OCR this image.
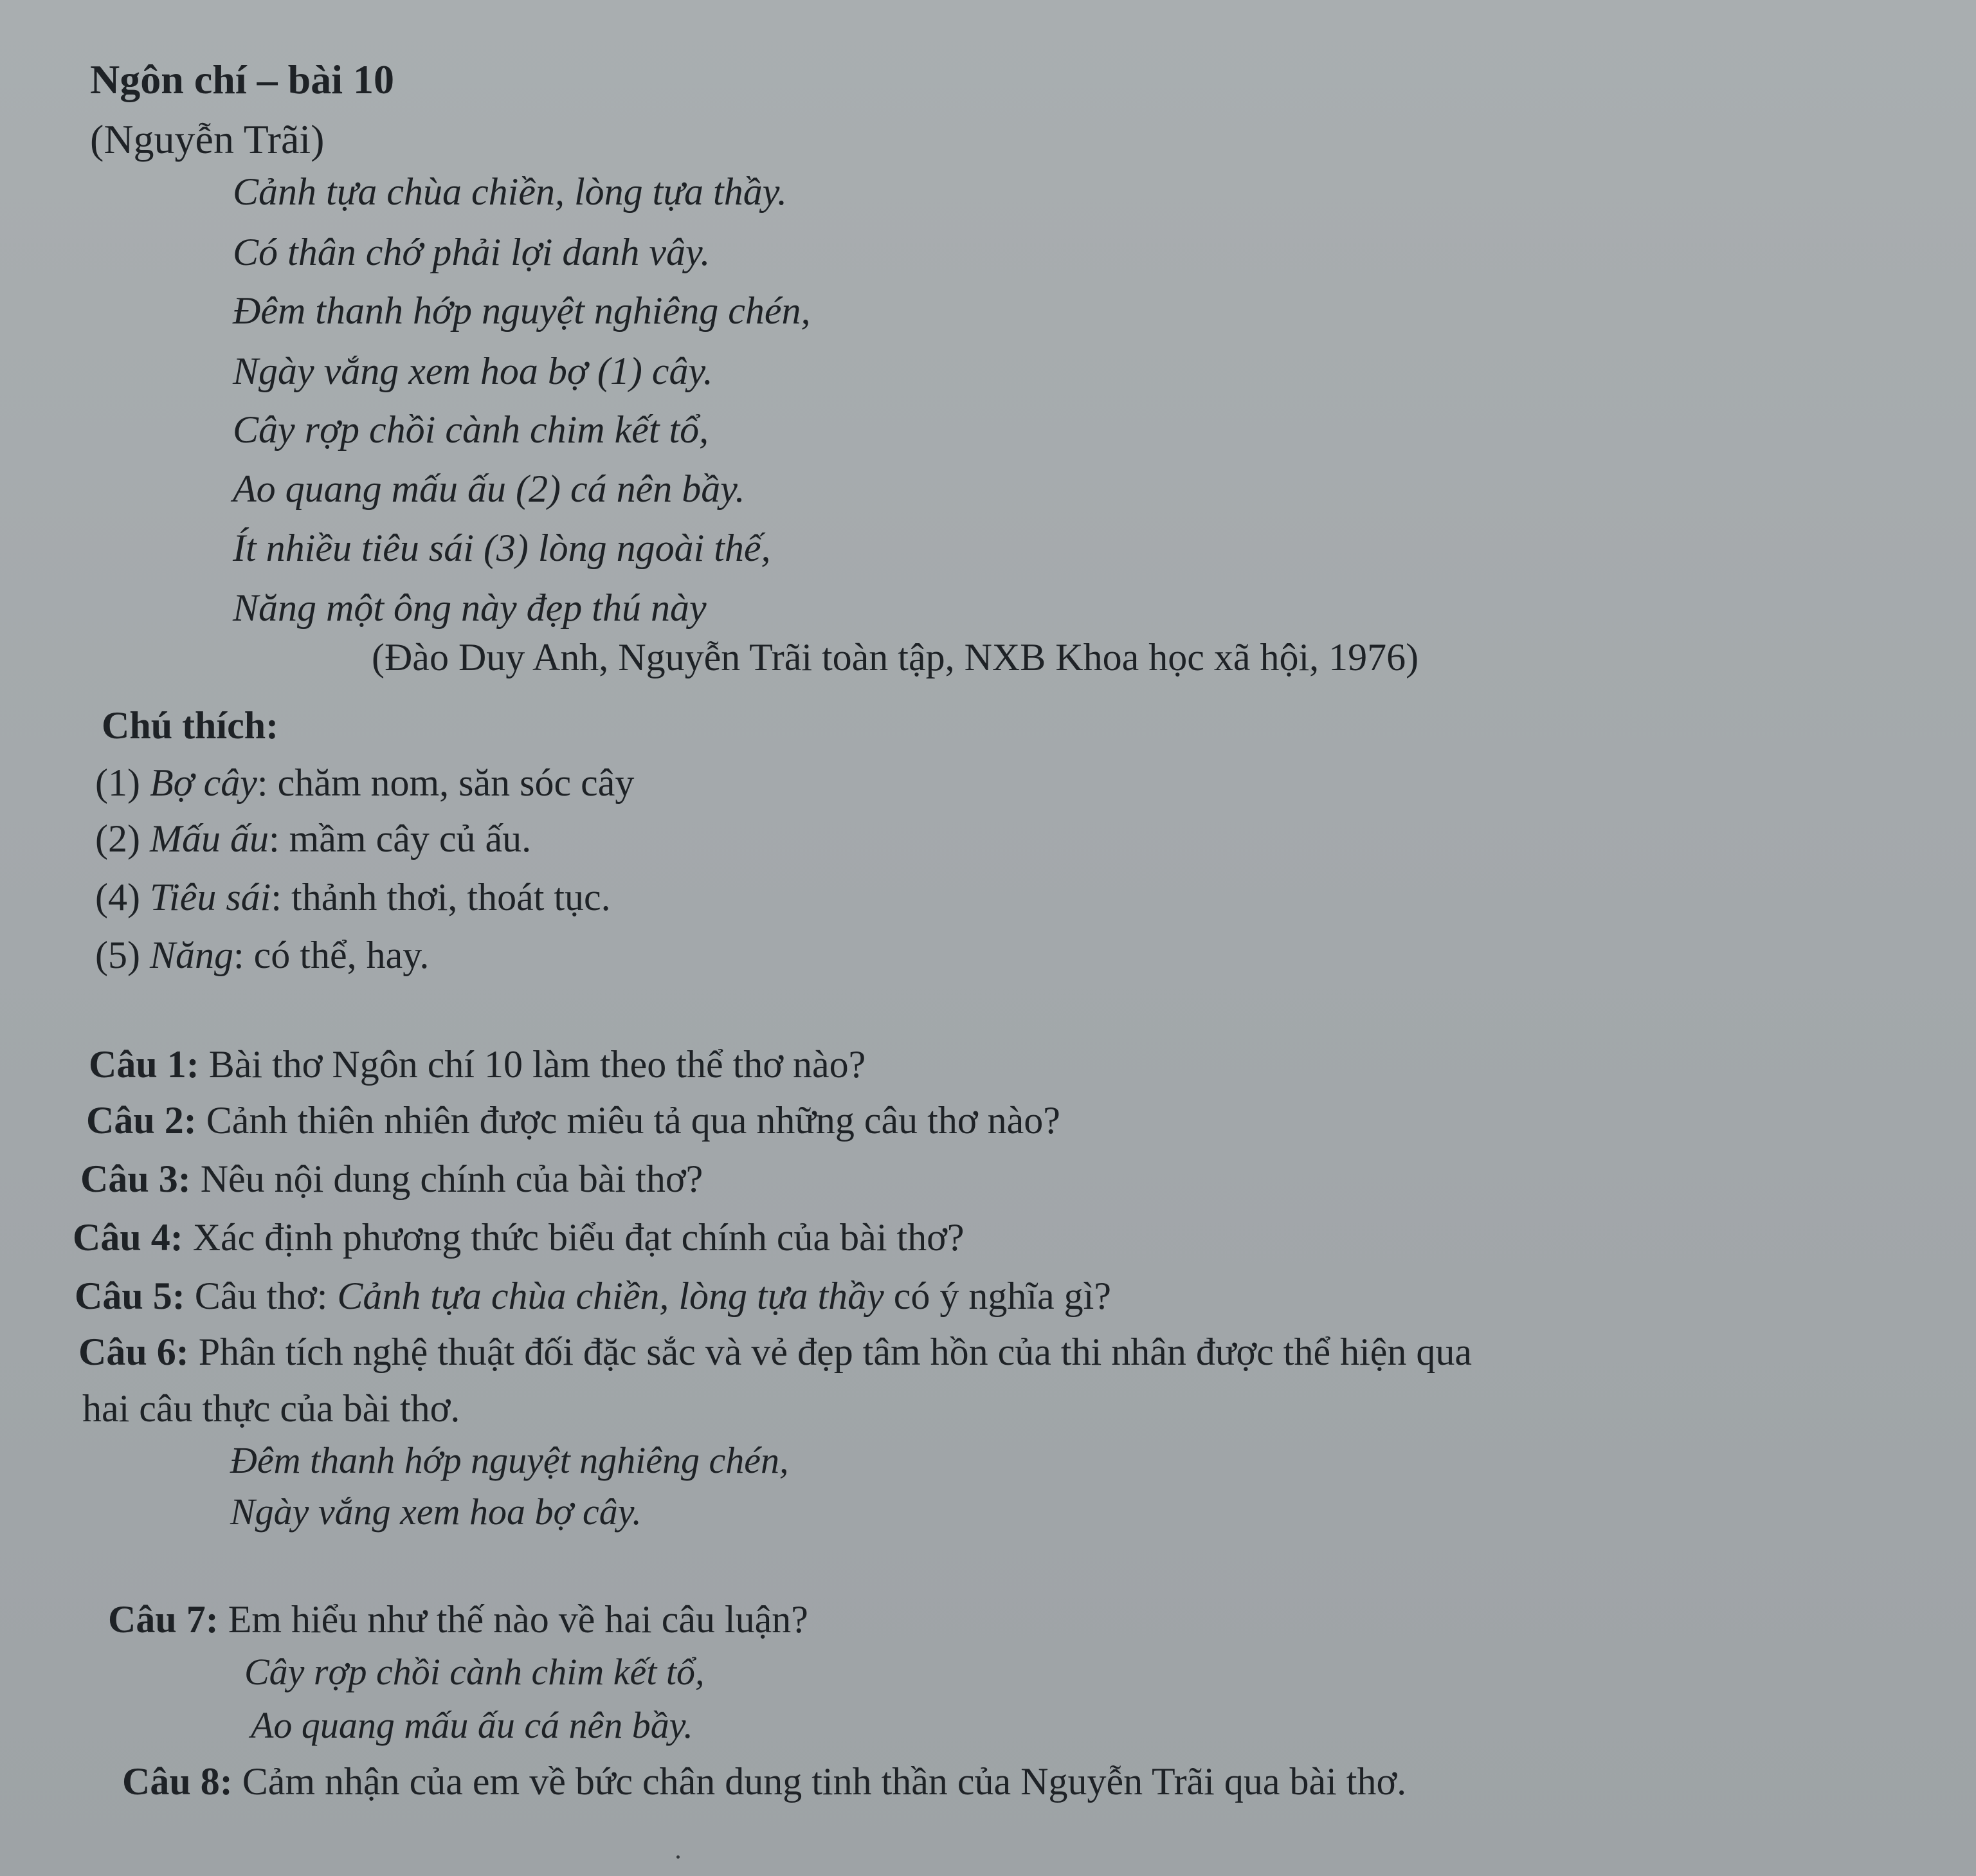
Ngôn chí – bài 10
(Nguyễn Trãi)
Cảnh tựa chùa chiền, lòng tựa thầy.
Có thân chớ phải lợi danh vây.
Đêm thanh hớp nguyệt nghiêng chén,
Ngày vắng xem hoa bợ (1) cây.
Cây rợp chồi cành chim kết tổ,
Ao quang mấu ấu (2) cá nên bầy.
Ít nhiều tiêu sái (3) lòng ngoài thế,
Năng một ông này đẹp thú này
(Đào Duy Anh, Nguyễn Trãi toàn tập, NXB Khoa học xã hội, 1976)
Chú thích:
(1) Bợ cây: chăm nom, săn sóc cây
(2) Mấu ấu: mầm cây củ ấu.
(4) Tiêu sái: thảnh thơi, thoát tục.
(5) Năng: có thể, hay.
Câu 1: Bài thơ Ngôn chí 10 làm theo thể thơ nào?
Câu 2: Cảnh thiên nhiên được miêu tả qua những câu thơ nào?
Câu 3: Nêu nội dung chính của bài thơ?
Câu 4: Xác định phương thức biểu đạt chính của bài thơ?
Câu 5: Câu thơ: Cảnh tựa chùa chiền, lòng tựa thầy có ý nghĩa gì?
Câu 6: Phân tích nghệ thuật đối đặc sắc và vẻ đẹp tâm hồn của thi nhân được thể hiện qua
hai câu thực của bài thơ.
Đêm thanh hớp nguyệt nghiêng chén,
Ngày vắng xem hoa bợ cây.
Câu 7: Em hiểu như thế nào về hai câu luận?
Cây rợp chồi cành chim kết tổ,
Ao quang mấu ấu cá nên bầy.
Câu 8: Cảm nhận của em về bức chân dung tinh thần của Nguyễn Trãi qua bài thơ.
